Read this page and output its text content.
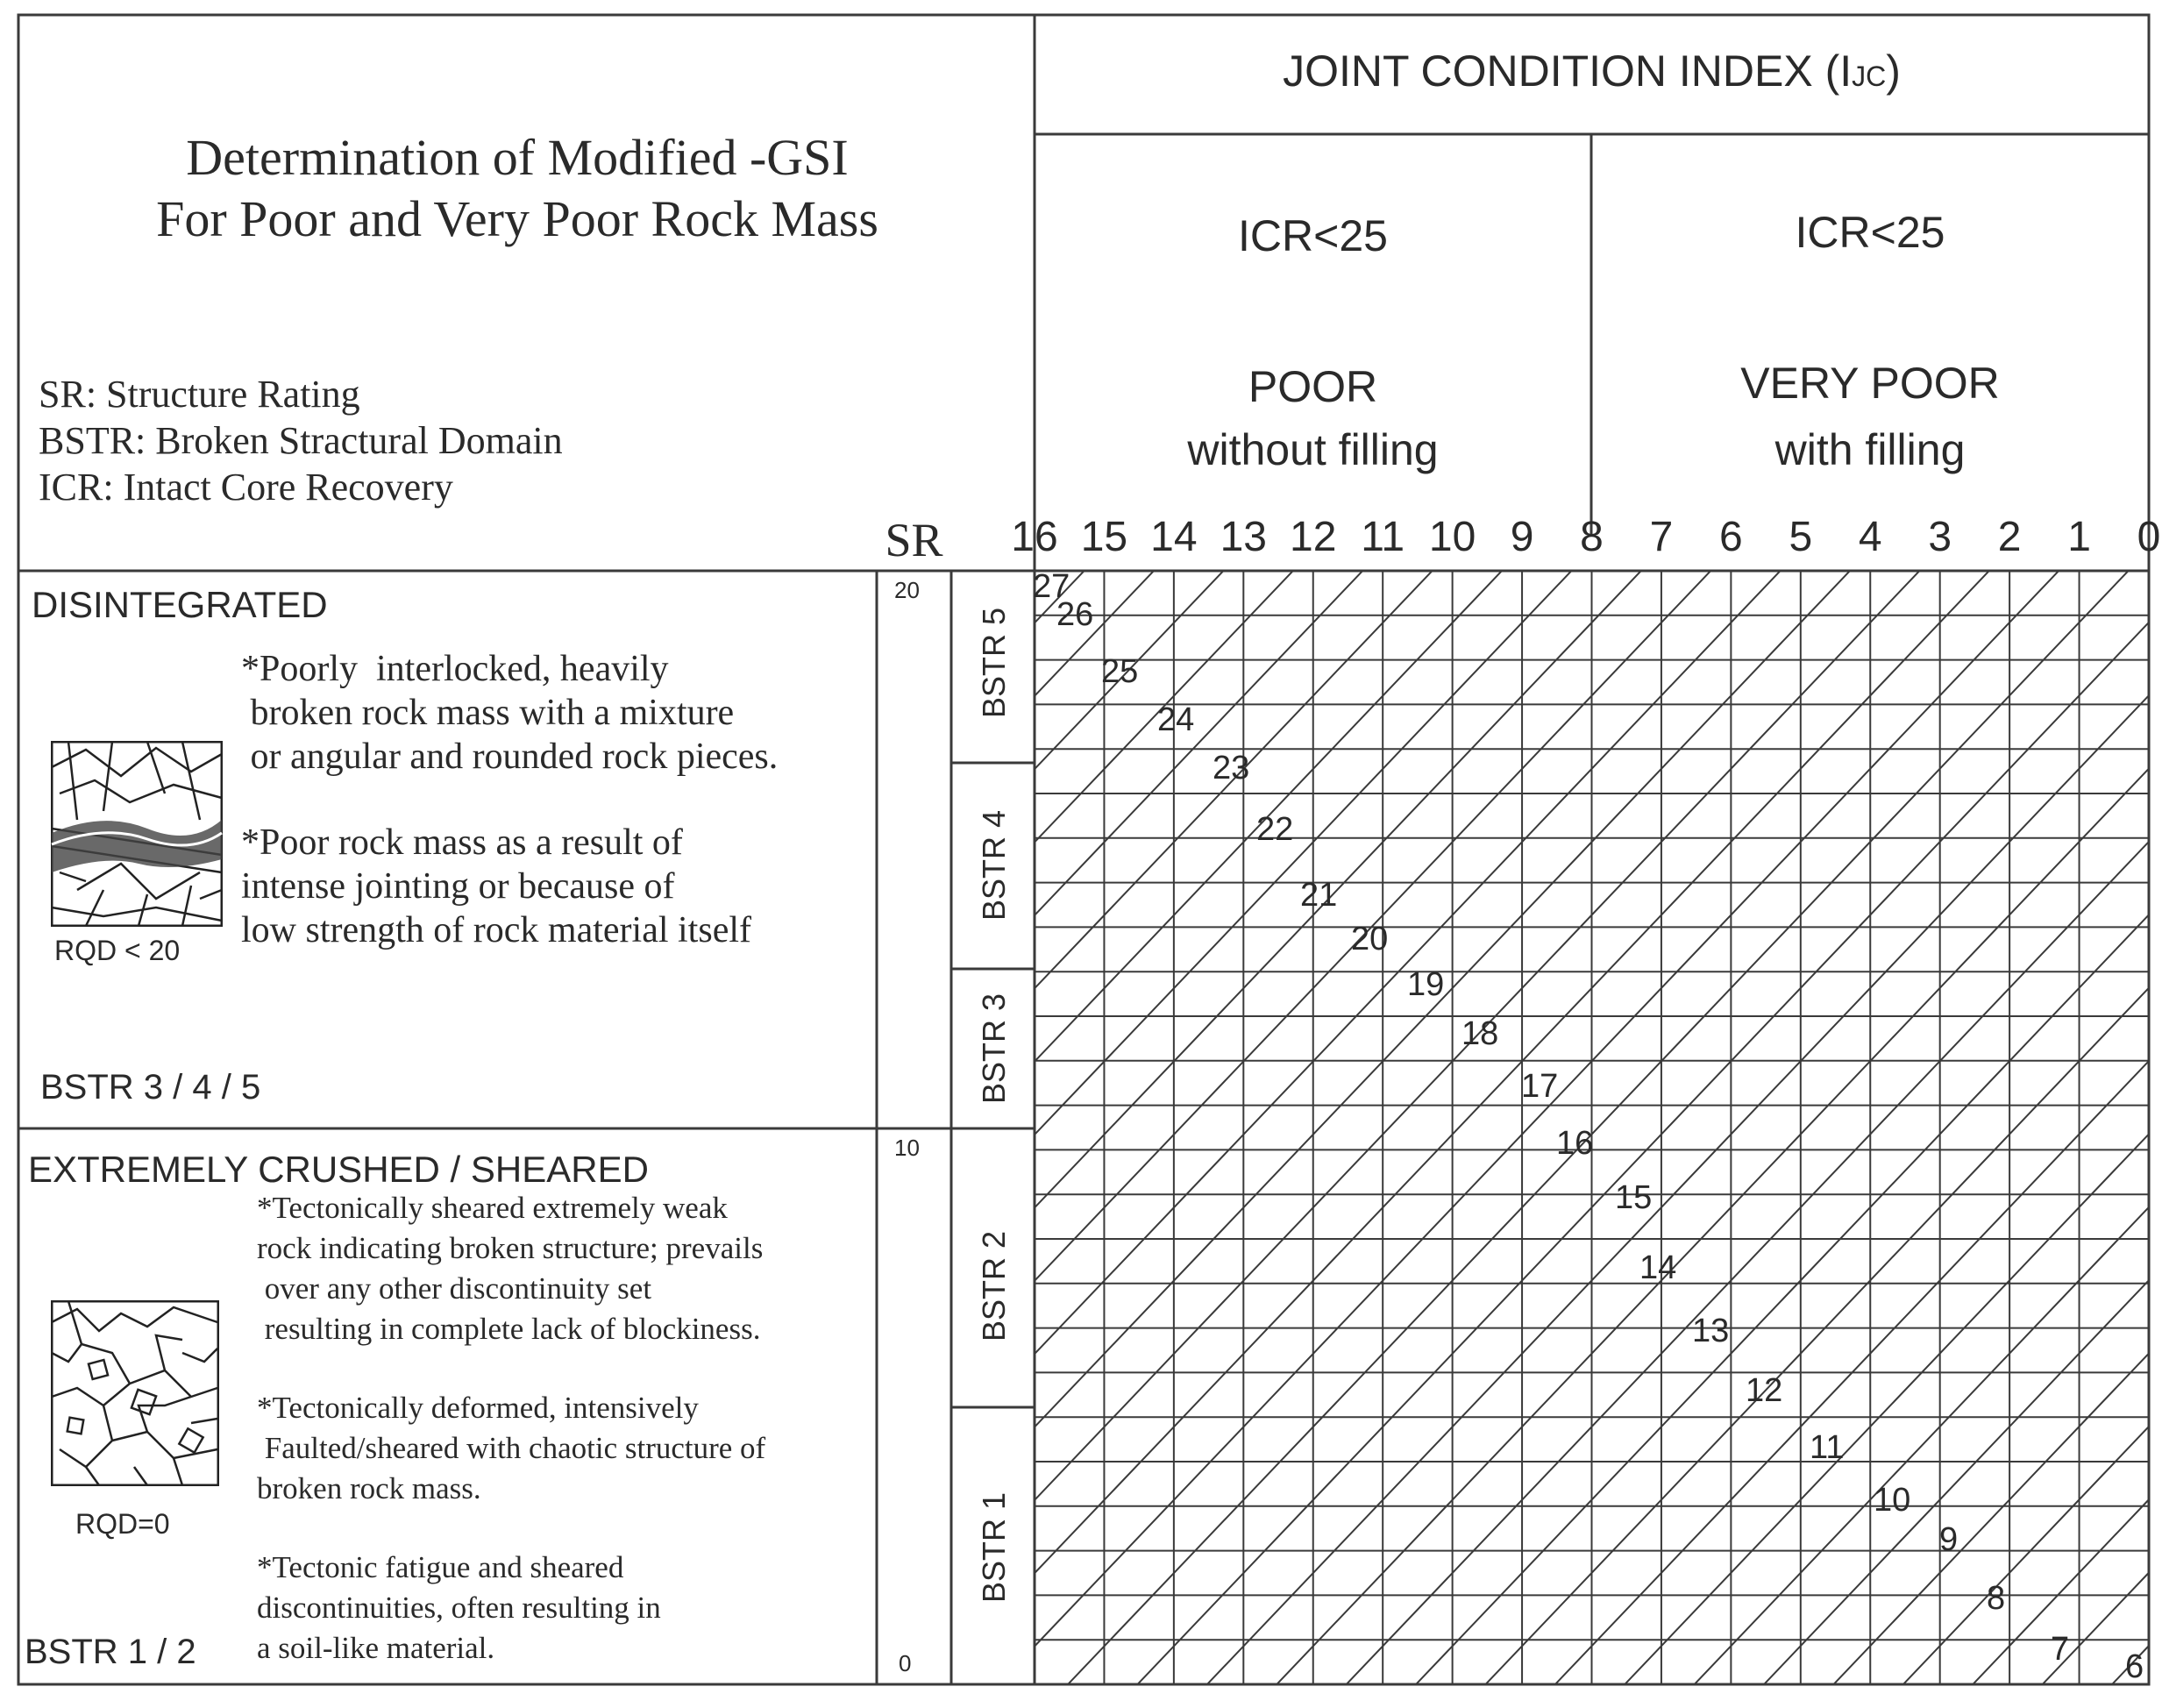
Determination of Modified -GSI
For Poor and Very Poor Rock Mass
SR: Structure Rating
BSTR: Broken Stractural Domain
ICR: Intact Core Recovery
JOINT CONDITION INDEX (IJC)
ICR<25
POOR
without filling
ICR<25
VERY POOR
with filling
SR 16 15 14 13 12 11 10 9	8	7	6	5	4	3	2	1	0
20
10
0
BSTR 5
BSTR 4
BSTR 3
BSTR 2
BSTR 1
27
26
25
24
23
22
21
20
19
18
17
16
15
14
13
12
11
10
9
8
7 6
DISINTEGRATED
RQD < 20
*Poorly  interlocked, heavily
broken rock mass with a mixture
or angular and rounded rock pieces.
*Poor rock mass as a result of
intense jointing or because of
low strength of rock material itself
BSTR 3 / 4 / 5
EXTREMELY CRUSHED / SHEARED
RQD=0
*Tectonically sheared extremely weak
rock indicating broken structure; prevails
over any other discontinuity set
resulting in complete lack of blockiness.
*Tectonically deformed, intensively
Faulted/sheared with chaotic structure of
broken rock mass.
*Tectonic fatigue and sheared
discontinuities, often resulting in
a soil-like material.
BSTR 1 / 2
